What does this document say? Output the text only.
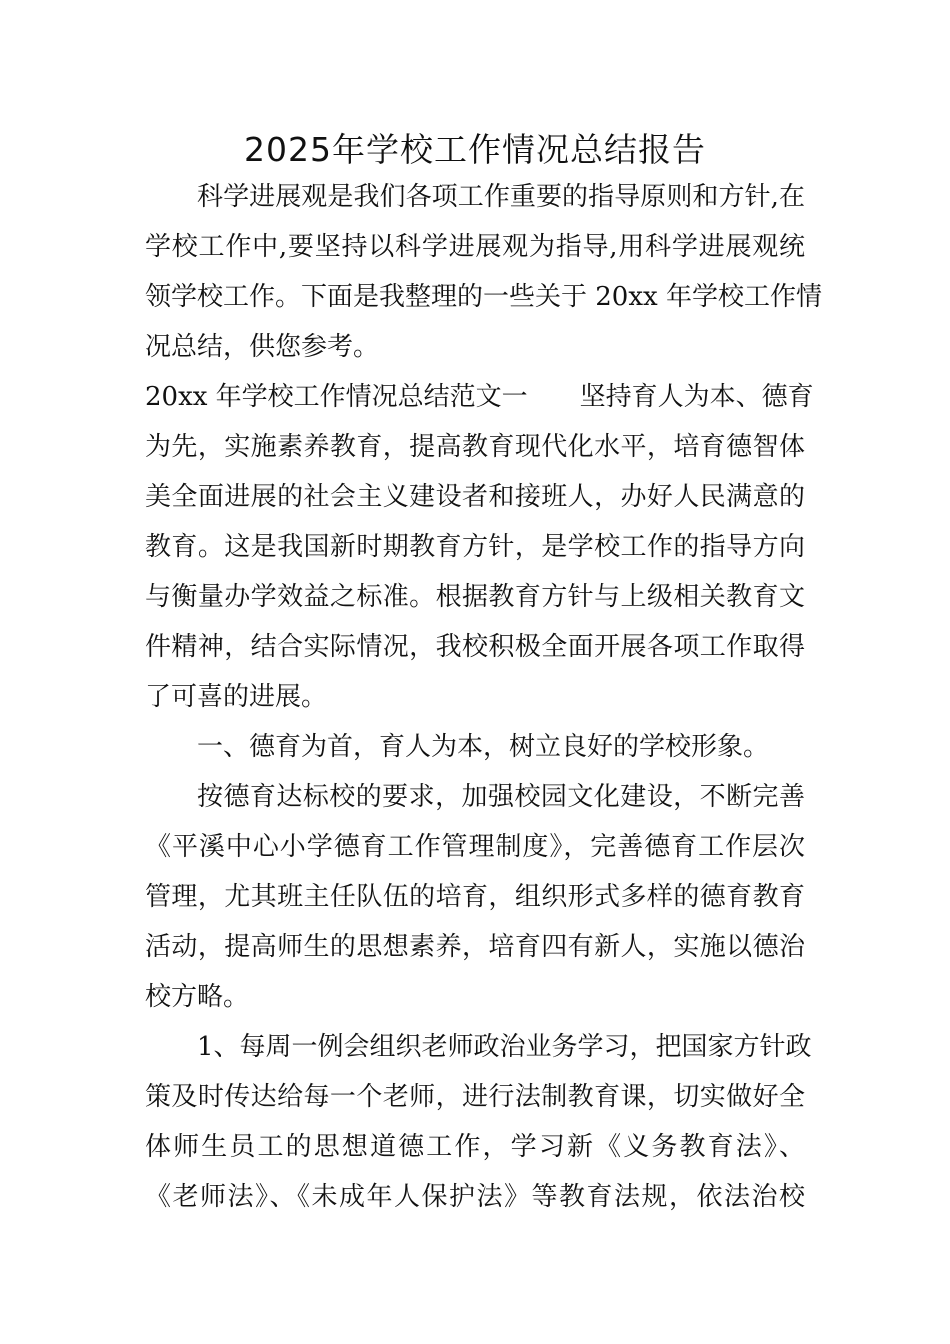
2025年学校工作情况总结报告
科学进展观是我们各项工作重要的指导原则和方针,在
学校工作中,要坚持以科学进展观为指导,用科学进展观统
领学校工作。下面是我整理的一些关于 20xx 年学校工作情
况总结，供您参考。
20xx 年学校工作情况总结范文一　　坚持育人为本、德育
为先，实施素养教育，提高教育现代化水平，培育德智体
美全面进展的社会主义建设者和接班人，办好人民满意的
教育。这是我国新时期教育方针，是学校工作的指导方向
与衡量办学效益之标准。根据教育方针与上级相关教育文
件精神，结合实际情况，我校积极全面开展各项工作取得
了可喜的进展。
一、德育为首，育人为本，树立良好的学校形象。
按德育达标校的要求，加强校园文化建设，不断完善
《平溪中心小学德育工作管理制度》，完善德育工作层次
管理，尤其班主任队伍的培育，组织形式多样的德育教育
活动，提高师生的思想素养，培育四有新人，实施以德治
校方略。
1、每周一例会组织老师政治业务学习，把国家方针政
策及时传达给每一个老师，进行法制教育课，切实做好全
体师生员工的思想道德工作，学习新《义务教育法》、
《老师法》、《未成年人保护法》等教育法规，依法治校
